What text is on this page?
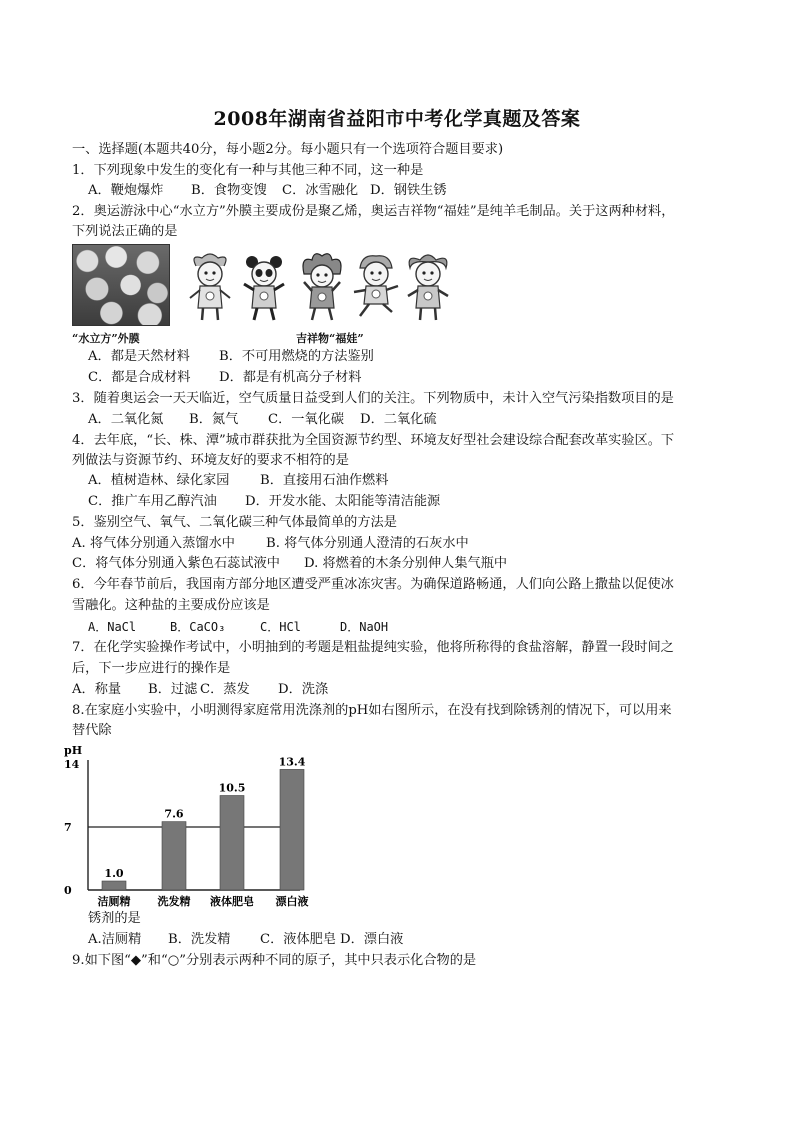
2008年湖南省益阳市中考化学真题及答案
一、选择题(本题共40分，每小题2分。每小题只有一个选项符合题目要求)
1．下列现象中发生的变化有一种与其他三种不同，这一种是
A．鞭炮爆炸 B．食物变馊 C．冰雪融化 D．钢铁生锈
2．奥运游泳中心“水立方”外膜主要成份是聚乙烯，奥运吉祥物“福娃”是纯羊毛制品。关于这两种材料，
下列说法正确的是
“水立方”外膜	吉祥物“福娃”
A．都是天然材料 B．不可用燃烧的方法鉴别
C．都是合成材料 D．都是有机高分子材料
3．随着奥运会一天天临近，空气质量日益受到人们的关注。下列物质中，未计入空气污染指数项目的是
A．二氧化氮 B．氮气 C．一氧化碳 D．二氧化硫
4．去年底，“长、株、潭”城市群获批为全国资源节约型、环境友好型社会建设综合配套改革实验区。下
列做法与资源节约、环境友好的要求不相符的是
A．植树造林、绿化家园 B．直接用石油作燃料
C．推广车用乙醇汽油 D．开发水能、太阳能等清洁能源
5．鉴别空气、氧气、二氧化碳三种气体最简单的方法是
A. 将气体分别通入蒸馏水中 B. 将气体分别通人澄清的石灰水中
C．将气体分别通入紫色石蕊试液中 D. 将燃着的木条分别伸人集气瓶中
6．今年春节前后，我国南方部分地区遭受严重冰冻灾害。为确保道路畅通，人们向公路上撒盐以促使冰
雪融化。这种盐的主要成份应该是
A．NaCl	B．CaCO₃	C．HCl	D．NaOH
7．在化学实验操作考试中，小明抽到的考题是粗盐提纯实验，他将所称得的食盐溶解，静置一段时间之
后，下一步应进行的操作是
A．称量 B．过滤 C．蒸发 D．洗涤
8.在家庭小实验中，小明测得家庭常用洗涤剂的pH如右图所示，在没有找到除锈剂的情况下，可以用来
替代除
pH
14
7
0
1.0
洁厕精
7.6
洗发精
10.5
液体肥皂
13.4
漂白液
锈剂的是
A.洁厕精 B．洗发精 C．液体肥皂 D．漂白液
9.如下图“◆”和“○”分别表示两种不同的原子，其中只表示化合物的是
